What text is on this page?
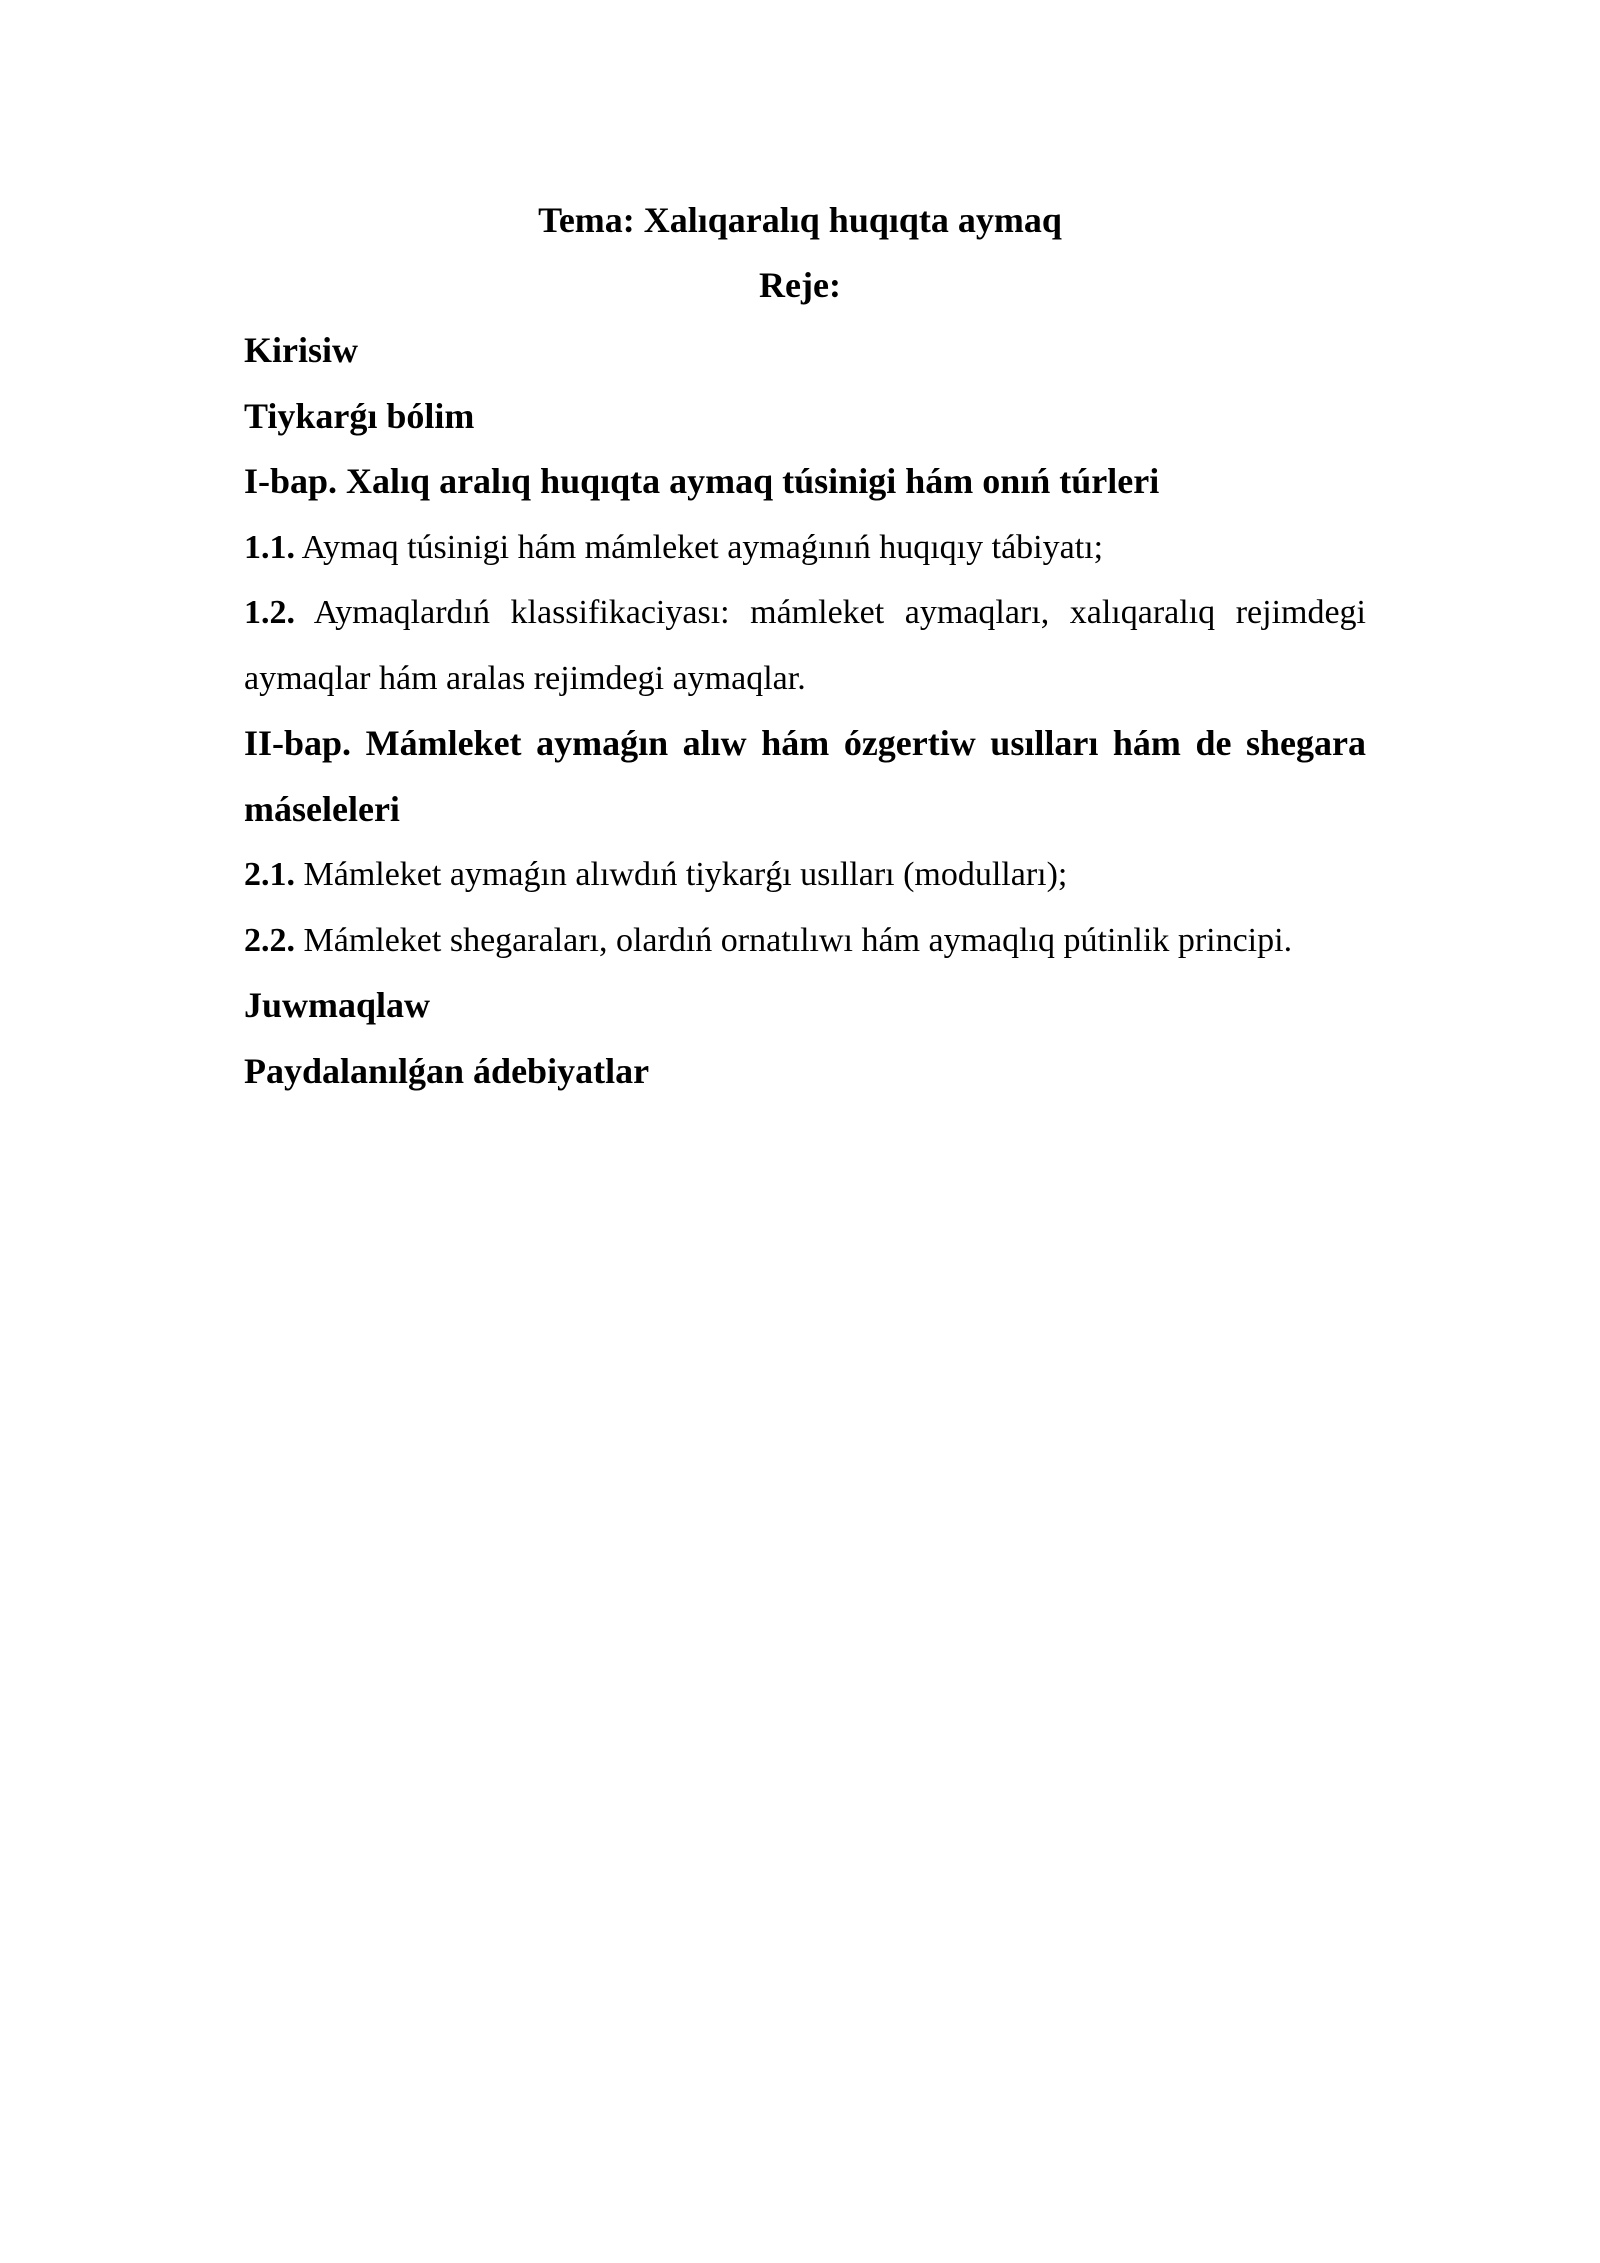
Tema: Xalıqaralıq huqıqta aymaq
Reje:

Kirisiw

Tiykarǵı bólim

I-bap. Xalıq aralıq huqıqta aymaq túsinigi hám onıń túrleri

1.1. Aymaq túsinigi hám mámleket aymaǵınıń huqıqıy tábiyatı;

1.2. Aymaqlardıń klassifikaciyası: mámleket aymaqları, xalıqaralıq rejimdegi aymaqlar hám aralas rejimdegi aymaqlar.

II-bap. Mámleket aymaǵın alıw hám ózgertiw usılları hám de shegara máseleleri

2.1. Mámleket aymaǵın alıwdıń tiykarǵı usılları (modulları);

2.2. Mámleket shegaraları, olardıń ornatılıwı hám aymaqlıq pútinlik principi.

Juwmaqlaw

Paydalanılǵan ádebiyatlar
